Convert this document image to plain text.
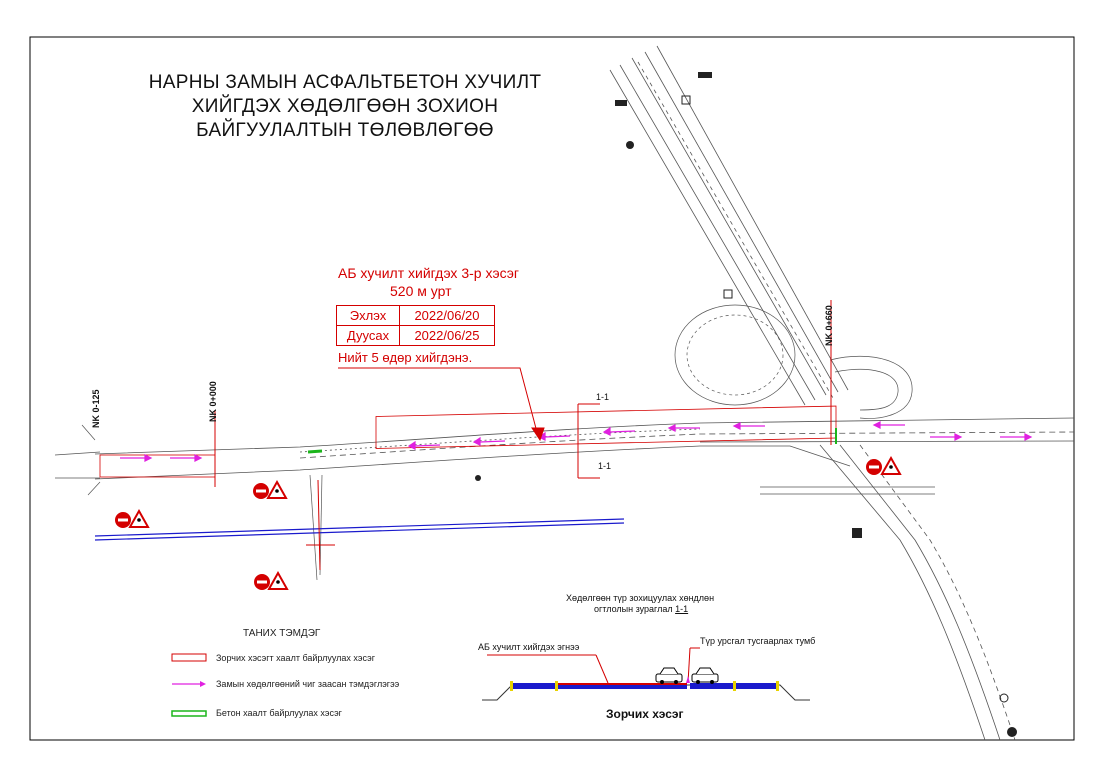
НАРНЫ ЗАМЫН АСФАЛЬТБЕТОН ХУЧИЛТ
ХИЙГДЭХ ХӨДӨЛГӨӨН ЗОХИОН
БАЙГУУЛАЛТЫН ТӨЛӨВЛӨГӨӨ
АБ хучилт хийгдэх 3-р хэсэг
520 м урт
Эхлэх	2022/06/20
Дуусах	2022/06/25
Нийт 5 өдөр хийгдэнэ.
NK 0-125	NK 0+000
NK 0+660
1-1
1-1
ТАНИХ ТЭМДЭГ
Зорчих хэсэгт хаалт байрлуулах хэсэг
Замын хөдөлгөөний чиг заасан тэмдэглэгээ
Бетон хаалт байрлуулах хэсэг
Хөдөлгөөн түр зохицуулах хөндлөн
огтлолын зураглал 1-1
АБ хучилт хийгдэх эгнээ
Түр урсгал тусгаарлах тумб
Зорчих хэсэг
